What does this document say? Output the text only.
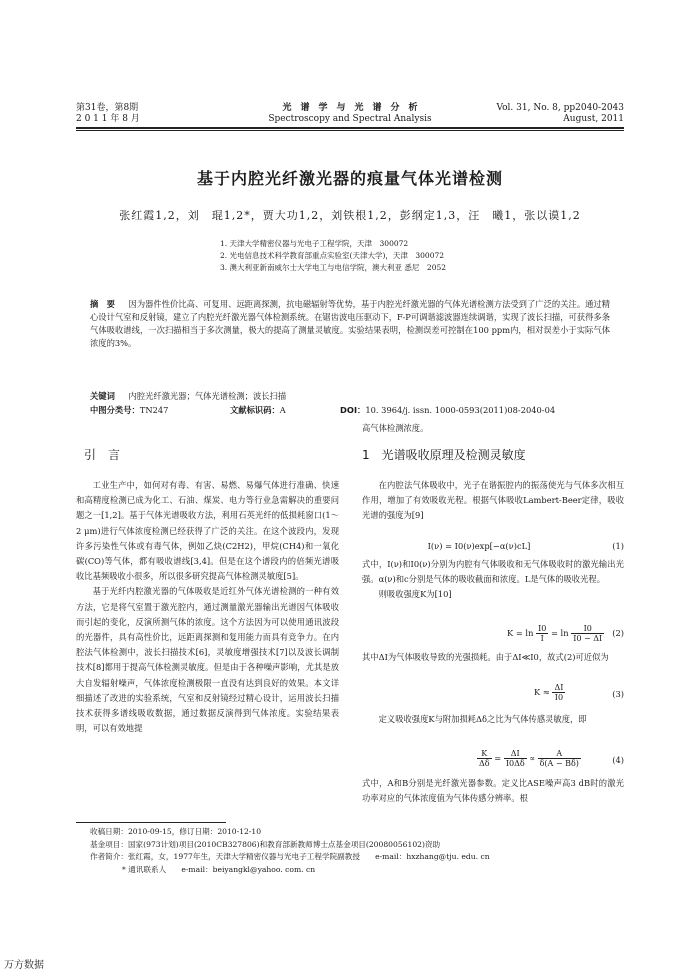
第31卷，第8期
2 0 1 1 年 8 月
光　谱　学　与　光　谱　分　析
Spectroscopy and Spectral Analysis
Vol. 31, No. 8, pp2040-2043
August, 2011
基于内腔光纤激光器的痕量气体光谱检测
张红霞1,2，刘　琨1,2*，贾大功1,2，刘铁根1,2，彭纲定1,3，汪　曦1，张以谟1,2
1. 天津大学精密仪器与光电子工程学院，天津　300072
2. 光电信息技术科学教育部重点实验室(天津大学)，天津　300072
3. 澳大利亚新南威尔士大学电工与电信学院，澳大利亚 悉尼　2052
摘　要 　 因为器件性价比高、可复用、远距离探测，抗电磁辐射等优势，基于内腔光纤激光器的气体光谱检测方法受到了广泛的关注。通过精心设计气室和反射镜，建立了内腔光纤激光器气体检测系统。在锯齿波电压驱动下，F-P可调谐滤波器连续调谐，实现了波长扫描，可获得多条气体吸收谱线，一次扫描相当于多次测量，极大的提高了测量灵敏度。实验结果表明，检测误差可控制在100 ppm内，相对误差小于实际气体浓度的3%。
关键词 　 内腔光纤激光器；气体光谱检测；波长扫描
中图分类号：TN247	文献标识码：A	DOI：10. 3964/j. issn. 1000-0593(2011)08-2040-04
引　言

工业生产中，如何对有毒、有害、易燃、易爆气体进行准确、快速和高精度检测已成为化工、石油、煤炭、电力等行业急需解决的重要问题之一[1,2]。基于气体光谱吸收方法，利用石英光纤的低损耗窗口(1～2 μm)进行气体浓度检测已经获得了广泛的关注。在这个波段内，发现许多污染性气体或有毒气体，例如乙炔(C2H2)，甲烷(CH4)和一氧化碳(CO)等气体，都有吸收谱线[3,4]。但是在这个谱段内的倍频光谱吸收比基频吸收小很多，所以很多研究提高气体检测灵敏度[5]。

基于光纤内腔激光器的气体吸收是近红外气体光谱检测的一种有效方法，它是将气室置于激光腔内，通过测量激光器输出光谱因气体吸收而引起的变化，反演所测气体的浓度。这个方法因为可以使用通讯波段的光器件，具有高性价比，远距离探测和复用能力而具有竞争力。在内腔法气体检测中，波长扫描技术[6]，灵敏度增强技术[7]以及波长调制技术[8]都用于提高气体检测灵敏度。但是由于各种噪声影响，尤其是放大自发辐射噪声，气体浓度检测极限一直没有达到良好的效果。本文详细描述了改进的实验系统，气室和反射镜经过精心设计，运用波长扫描技术获得多谱线吸收数据，通过数据反演得到气体浓度。实验结果表明，可以有效地提

高气体检测浓度。
1　光谱吸收原理及检测灵敏度

在内腔法气体吸收中，光子在谐振腔内的振荡使光与气体多次相互作用，增加了有效吸收光程。根据气体吸收Lambert-Beer定律，吸收光谱的强度为[9]

I(ν) = I0(ν)exp[−α(ν)cL]	(1)

式中，I(ν)和I0(ν)分别为内腔有气体吸收和无气体吸收时的激光输出光强。α(ν)和c分别是气体的吸收截面和浓度。L是气体的吸收光程。

则吸收强度K为[10]

$K = \ln \frac{I0}{I} = \ln \frac{I0}{I0 - \Delta I} (2)$

其中ΔI为气体吸收导致的光强损耗。由于ΔI≪I0，故式(2)可近似为

$K \approx \frac{\Delta I}{I0}$	(3)

定义吸收强度K与附加损耗Δδ之比为气体传感灵敏度，即

$\frac{K}{\Delta\delta} = \frac{\Delta I}{I0\Delta\delta} \propto \frac{A}{\delta(A - B\delta)}$	(4)

式中，A和B分别是光纤激光器参数。定义比ASE噪声高3 dB时的激光功率对应的气体浓度值为气体传感分辨率。根

收稿日期：2010-09-15，修订日期：2010-12-10
基金项目：国家(973计划)项目(2010CB327806)和教育部新教师博士点基金项目(20080056102)资助
作者简介：张红霞，女，1977年生，天津大学精密仪器与光电子工程学院副教授　　e-mail：hxzhang@tju. edu. cn
* 通讯联系人　　e-mail：beiyangkl@yahoo. com. cn
万方数据
